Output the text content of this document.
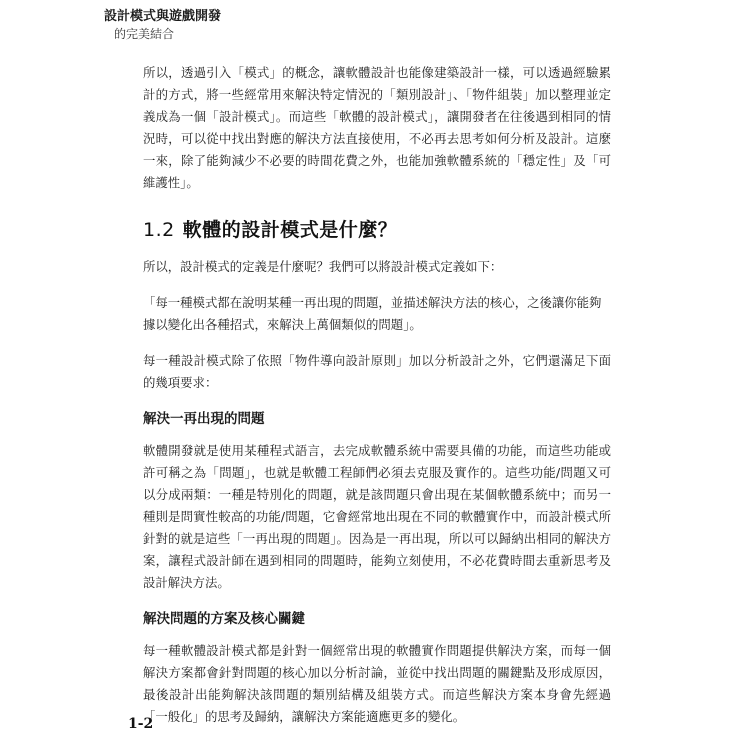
設計模式與遊戲開發
的完美結合

所以，透過引入「模式」的概念，讓軟體設計也能像建築設計一樣，可以透過經驗累計的方式，將一些經常用來解決特定情況的「類別設計」、「物件組裝」加以整理並定義成為一個「設計模式」。而這些「軟體的設計模式」，讓開發者在往後遇到相同的情況時，可以從中找出對應的解決方法直接使用，不必再去思考如何分析及設計。這麼一來，除了能夠減少不必要的時間花費之外，也能加強軟體系統的「穩定性」及「可維護性」。

1.2 軟體的設計模式是什麼？

所以，設計模式的定義是什麼呢？我們可以將設計模式定義如下：

「每一種模式都在說明某種一再出現的問題，並描述解決方法的核心，之後讓你能夠據以變化出各種招式，來解決上萬個類似的問題」。

每一種設計模式除了依照「物件導向設計原則」加以分析設計之外，它們還滿足下面的幾項要求：

解決一再出現的問題

軟體開發就是使用某種程式語言，去完成軟體系統中需要具備的功能，而這些功能或許可稱之為「問題」，也就是軟體工程師們必須去克服及實作的。這些功能/問題又可以分成兩類：一種是特別化的問題，就是該問題只會出現在某個軟體系統中；而另一種則是問實性較高的功能/問題，它會經常地出現在不同的軟體實作中，而設計模式所針對的就是這些「一再出現的問題」。因為是一再出現，所以可以歸納出相同的解決方案，讓程式設計師在遇到相同的問題時，能夠立刻使用，不必花費時間去重新思考及設計解決方法。

解決問題的方案及核心關鍵

每一種軟體設計模式都是針對一個經常出現的軟體實作問題提供解決方案，而每一個解決方案都會針對問題的核心加以分析討論，並從中找出問題的關鍵點及形成原因，最後設計出能夠解決該問題的類別結構及組裝方式。而這些解決方案本身會先經過「一般化」的思考及歸納，讓解決方案能適應更多的變化。

1-2
